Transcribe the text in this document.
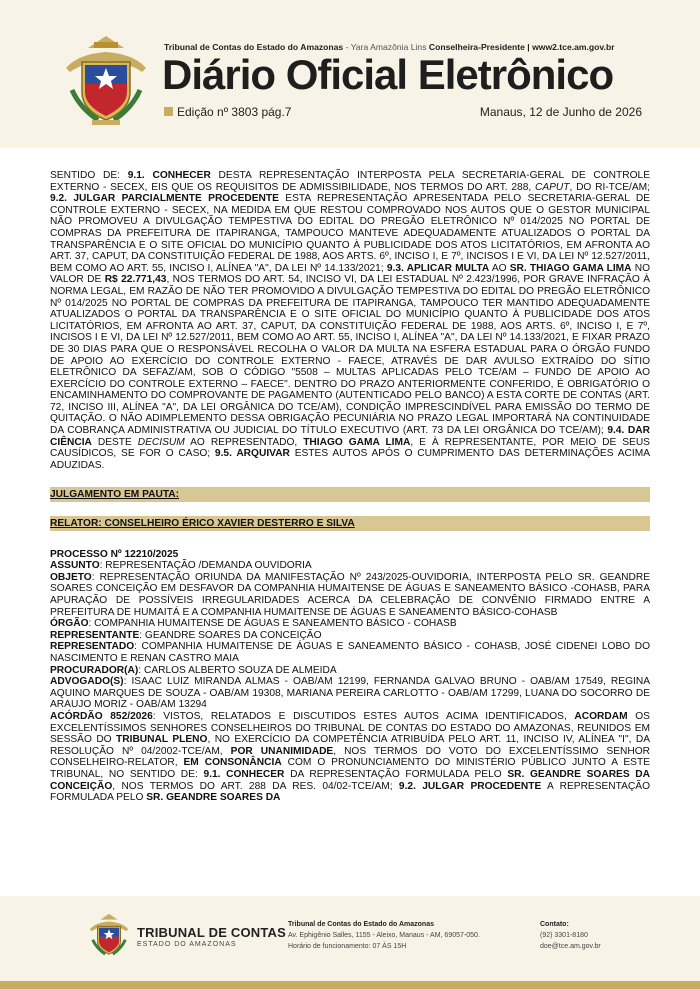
Tribunal de Contas do Estado do Amazonas - Yara Amazônia Lins Conselheira-Presidente | www2.tce.am.gov.br
Diário Oficial Eletrônico
Edição nº 3803 pág.7	Manaus, 12 de Junho de 2026

SENTIDO DE: 9.1. CONHECER DESTA REPRESENTAÇÃO INTERPOSTA PELA SECRETARIA-GERAL DE CONTROLE EXTERNO - SECEX, EIS QUE OS REQUISITOS DE ADMISSIBILIDADE, NOS TERMOS DO ART. 288, CAPUT, DO RI-TCE/AM; 9.2. JULGAR PARCIALMENTE PROCEDENTE ESTA REPRESENTAÇÃO APRESENTADA PELO SECRETARIA-GERAL DE CONTROLE EXTERNO - SECEX, NA MEDIDA EM QUE RESTOU COMPROVADO NOS AUTOS QUE O GESTOR MUNICIPAL NÃO PROMOVEU A DIVULGAÇÃO TEMPESTIVA DO EDITAL DO PREGÃO ELETRÔNICO Nº 014/2025 NO PORTAL DE COMPRAS DA PREFEITURA DE ITAPIRANGA, TAMPOUCO MANTEVE ADEQUADAMENTE ATUALIZADOS O PORTAL DA TRANSPARÊNCIA E O SITE OFICIAL DO MUNICÍPIO QUANTO À PUBLICIDADE DOS ATOS LICITATÓRIOS, EM AFRONTA AO ART. 37, CAPUT, DA CONSTITUIÇÃO FEDERAL DE 1988, AOS ARTS. 6º, INCISO I, E 7º, INCISOS I E VI, DA LEI Nº 12.527/2011, BEM COMO AO ART. 55, INCISO I, ALÍNEA "A", DA LEI Nº 14.133/2021; 9.3. APLICAR MULTA AO SR. THIAGO GAMA LIMA NO VALOR DE R$ 22.771,43, NOS TERMOS DO ART. 54, INCISO VI, DA LEI ESTADUAL Nº 2.423/1996, POR GRAVE INFRAÇÃO À NORMA LEGAL, EM RAZÃO DE NÃO TER PROMOVIDO A DIVULGAÇÃO TEMPESTIVA DO EDITAL DO PREGÃO ELETRÔNICO Nº 014/2025 NO PORTAL DE COMPRAS DA PREFEITURA DE ITAPIRANGA, TAMPOUCO TER MANTIDO ADEQUADAMENTE ATUALIZADOS O PORTAL DA TRANSPARÊNCIA E O SITE OFICIAL DO MUNICÍPIO QUANTO À PUBLICIDADE DOS ATOS LICITATÓRIOS, EM AFRONTA AO ART. 37, CAPUT, DA CONSTITUIÇÃO FEDERAL DE 1988, AOS ARTS. 6º, INCISO I, E 7º, INCISOS I E VI, DA LEI Nº 12.527/2011, BEM COMO AO ART. 55, INCISO I, ALÍNEA "A", DA LEI Nº 14.133/2021, E FIXAR PRAZO DE 30 DIAS PARA QUE O RESPONSÁVEL RECOLHA O VALOR DA MULTA NA ESFERA ESTADUAL PARA O ÓRGÃO FUNDO DE APOIO AO EXERCÍCIO DO CONTROLE EXTERNO - FAECE, ATRAVÉS DE DAR AVULSO EXTRAÍDO DO SÍTIO ELETRÔNICO DA SEFAZ/AM, SOB O CÓDIGO "5508 – MULTAS APLICADAS PELO TCE/AM – FUNDO DE APOIO AO EXERCÍCIO DO CONTROLE EXTERNO – FAECE". DENTRO DO PRAZO ANTERIORMENTE CONFERIDO, É OBRIGATÓRIO O ENCAMINHAMENTO DO COMPROVANTE DE PAGAMENTO (AUTENTICADO PELO BANCO) A ESTA CORTE DE CONTAS (ART. 72, INCISO III, ALÍNEA "A", DA LEI ORGÂNICA DO TCE/AM), CONDIÇÃO IMPRESCINDÍVEL PARA EMISSÃO DO TERMO DE QUITAÇÃO. O NÃO ADIMPLEMENTO DESSA OBRIGAÇÃO PECUNIÁRIA NO PRAZO LEGAL IMPORTARÁ NA CONTINUIDADE DA COBRANÇA ADMINISTRATIVA OU JUDICIAL DO TÍTULO EXECUTIVO (ART. 73 DA LEI ORGÂNICA DO TCE/AM); 9.4. DAR CIÊNCIA DESTE DECISUM AO REPRESENTADO, THIAGO GAMA LIMA, E À REPRESENTANTE, POR MEIO DE SEUS CAUSÍDICOS, SE FOR O CASO; 9.5. ARQUIVAR ESTES AUTOS APÓS O CUMPRIMENTO DAS DETERMINAÇÕES ACIMA ADUZIDAS.

JULGAMENTO EM PAUTA:
RELATOR: CONSELHEIRO ÉRICO XAVIER DESTERRO E SILVA

PROCESSO Nº 12210/2025

ASSUNTO: REPRESENTAÇÃO /DEMANDA OUVIDORIA

OBJETO: REPRESENTAÇÃO ORIUNDA DA MANIFESTAÇÃO Nº 243/2025-OUVIDORIA, INTERPOSTA PELO SR. GEANDRE SOARES CONCEIÇÃO EM DESFAVOR DA COMPANHIA HUMAITENSE DE ÁGUAS E SANEAMENTO BÁSICO -COHASB, PARA APURAÇÃO DE POSSÍVEIS IRREGULARIDADES ACERCA DA CELEBRAÇÃO DE CONVÊNIO FIRMADO ENTRE A PREFEITURA DE HUMAITÁ E A COMPANHIA HUMAITENSE DE ÁGUAS E SANEAMENTO BÁSICO-COHASB

ÓRGÃO: COMPANHIA HUMAITENSE DE ÁGUAS E SANEAMENTO BÁSICO - COHASB

REPRESENTANTE: GEANDRE SOARES DA CONCEIÇÃO

REPRESENTADO: COMPANHIA HUMAITENSE DE ÁGUAS E SANEAMENTO BÁSICO - COHASB, JOSÉ CIDENEI LOBO DO NASCIMENTO E RENAN CASTRO MAIA

PROCURADOR(A): CARLOS ALBERTO SOUZA DE ALMEIDA

ADVOGADO(S): ISAAC LUIZ MIRANDA ALMAS - OAB/AM 12199, FERNANDA GALVAO BRUNO - OAB/AM 17549, REGINA AQUINO MARQUES DE SOUZA - OAB/AM 19308, MARIANA PEREIRA CARLOTTO - OAB/AM 17299, LUANA DO SOCORRO DE ARAUJO MORIZ - OAB/AM 13294

ACÓRDÃO 852/2026: VISTOS, RELATADOS E DISCUTIDOS ESTES AUTOS ACIMA IDENTIFICADOS, ACORDAM OS EXCELENTÍSSIMOS SENHORES CONSELHEIROS DO TRIBUNAL DE CONTAS DO ESTADO DO AMAZONAS, REUNIDOS EM SESSÃO DO TRIBUNAL PLENO, NO EXERCÍCIO DA COMPETÊNCIA ATRIBUÍDA PELO ART. 11, INCISO IV, ALÍNEA "I", DA RESOLUÇÃO Nº 04/2002-TCE/AM, POR UNANIMIDADE, NOS TERMOS DO VOTO DO EXCELENTÍSSIMO SENHOR CONSELHEIRO-RELATOR, EM CONSONÂNCIA COM O PRONUNCIAMENTO DO MINISTÉRIO PÚBLICO JUNTO A ESTE TRIBUNAL, NO SENTIDO DE: 9.1. CONHECER DA REPRESENTAÇÃO FORMULADA PELO SR. GEANDRE SOARES DA CONCEIÇÃO, NOS TERMOS DO ART. 288 DA RES. 04/02-TCE/AM; 9.2. JULGAR PROCEDENTE A REPRESENTAÇÃO FORMULADA PELO SR. GEANDRE SOARES DA

TRIBUNAL DE CONTAS
ESTADO DO AMAZONAS
Tribunal de Contas do Estado do Amazonas
Av. Ephigênio Salles, 1155 - Aleixo, Manaus - AM, 69057-050.
Horário de funcionamento: 07 ÀS 15H
Contato:
(92) 3301-8180
doe@tce.am.gov.br
